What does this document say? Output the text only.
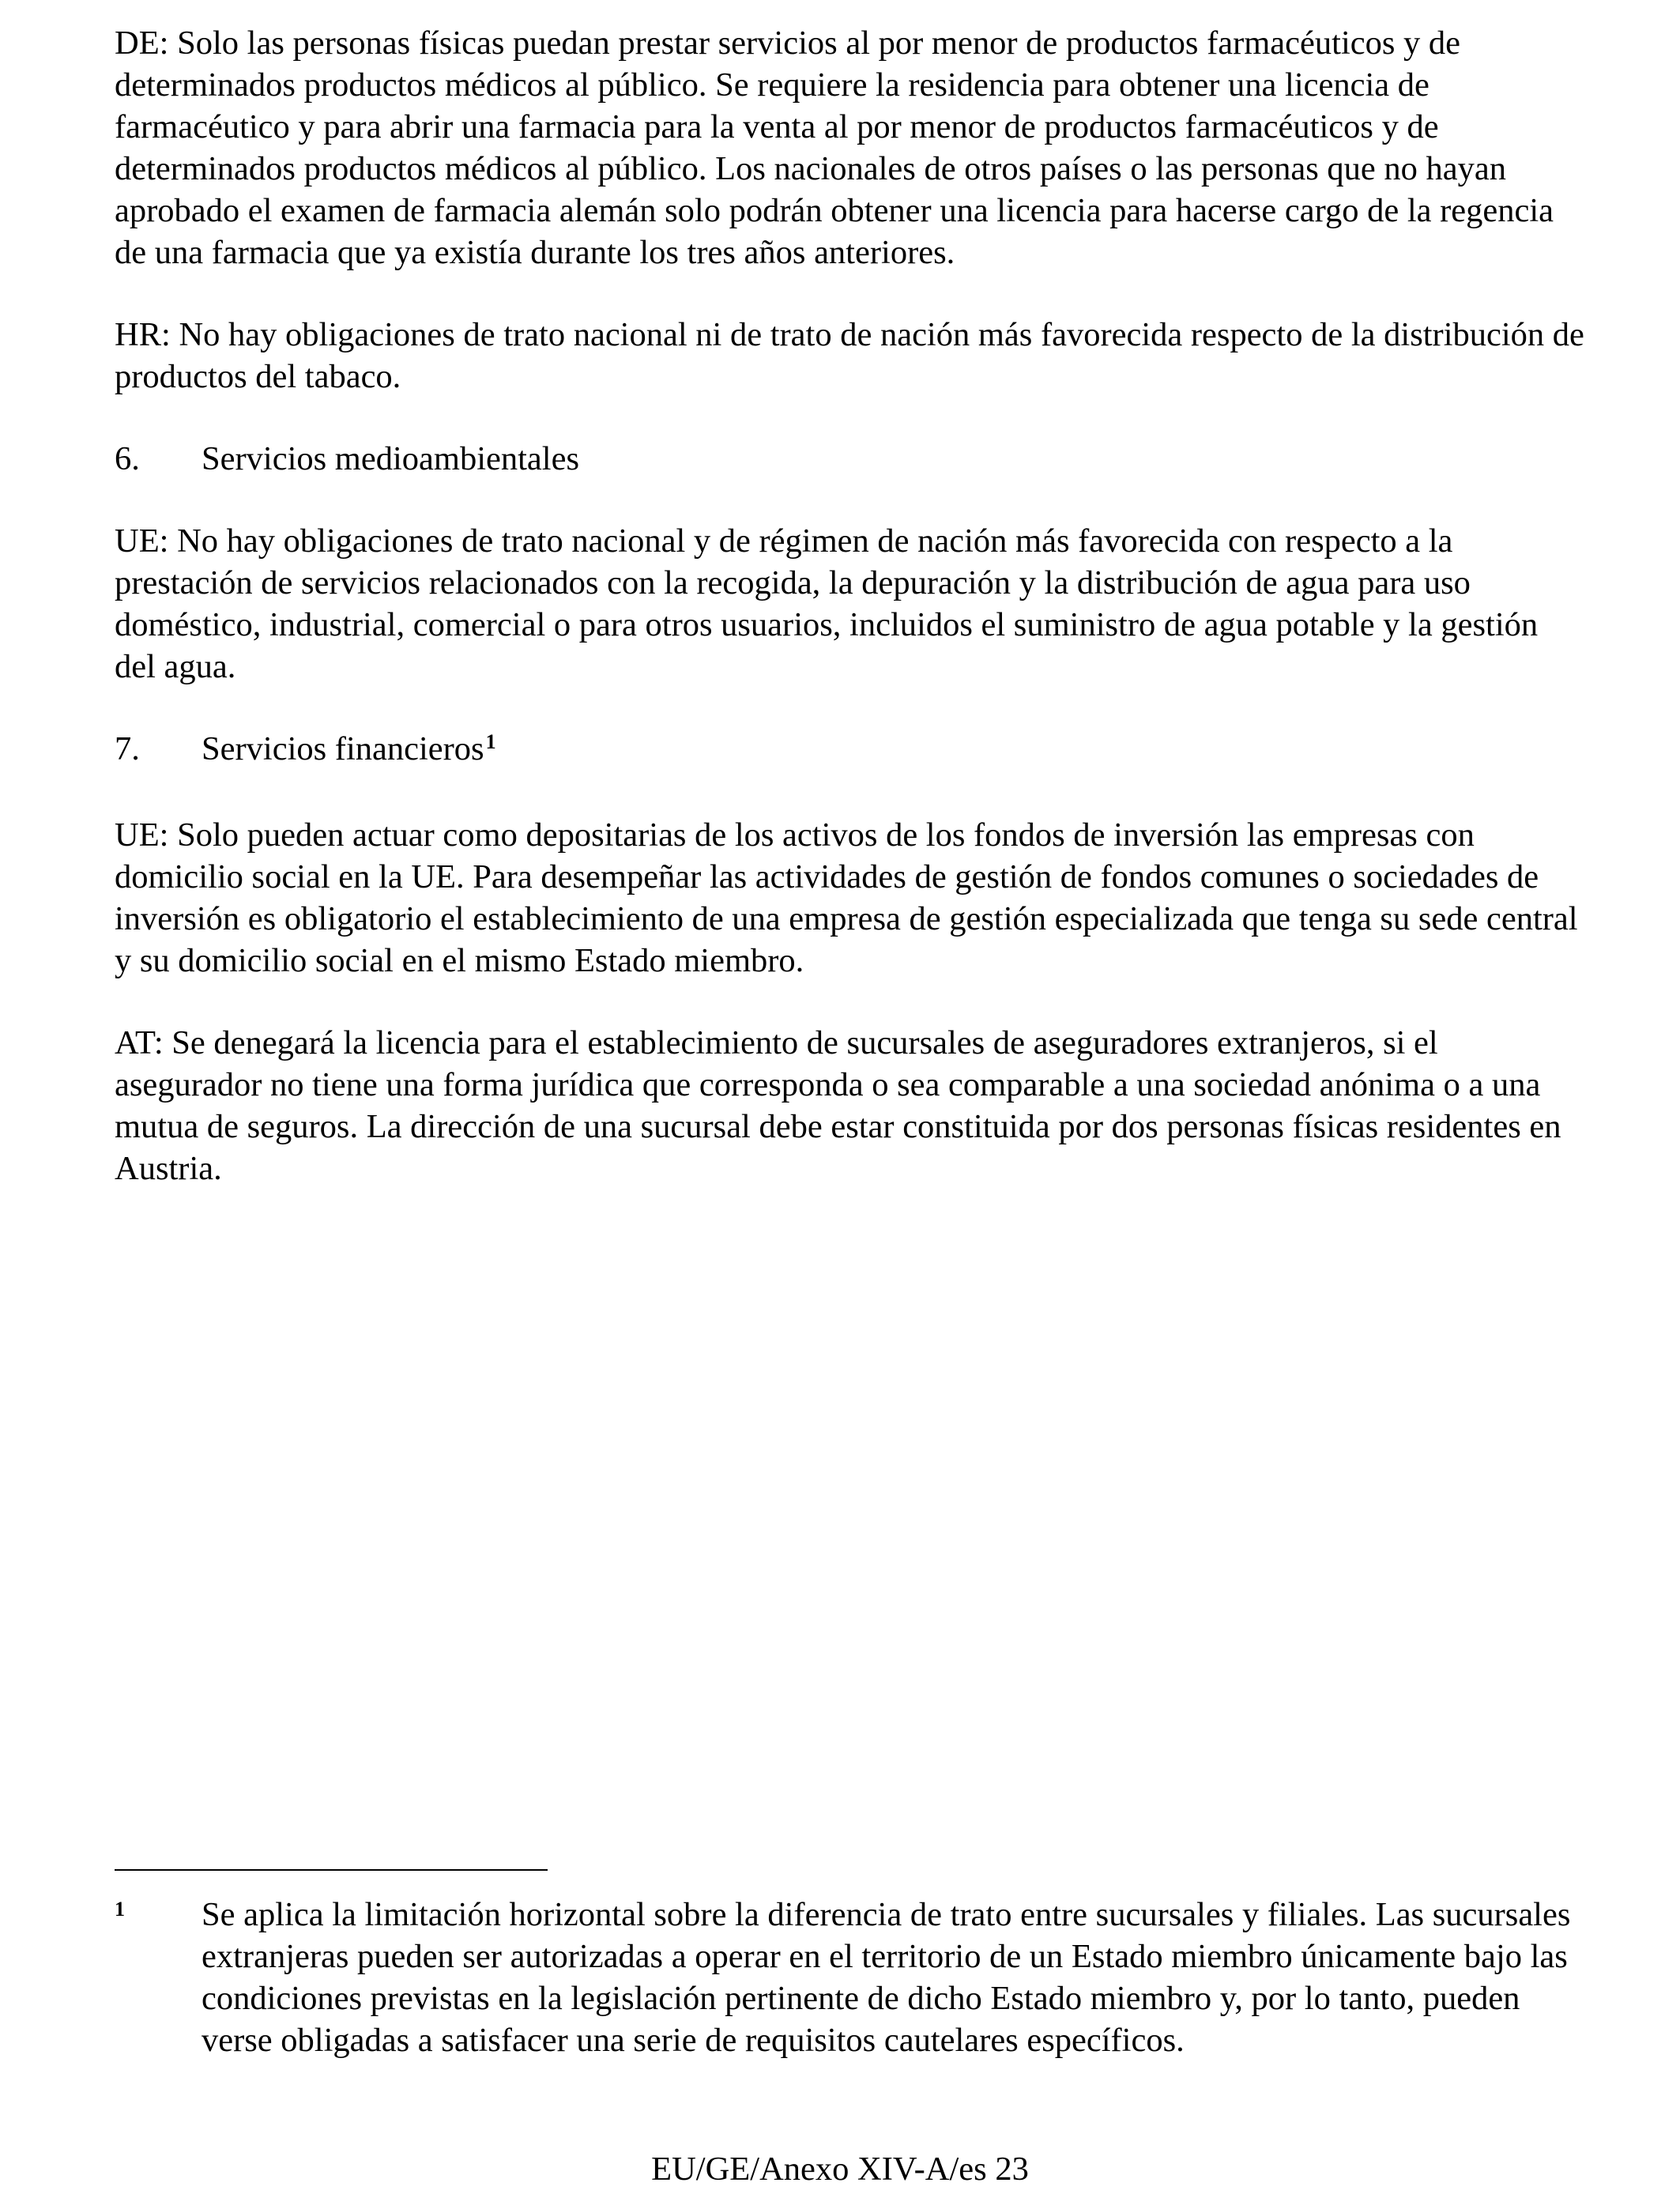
DE: Solo las personas físicas puedan prestar servicios al por menor de productos farmacéuticos y de determinados productos médicos al público. Se requiere la residencia para obtener una licencia de farmacéutico y para abrir una farmacia para la venta al por menor de productos farmacéuticos y de determinados productos médicos al público. Los nacionales de otros países o las personas que no hayan aprobado el examen de farmacia alemán solo podrán obtener una licencia para hacerse cargo de la regencia de una farmacia que ya existía durante los tres años anteriores.

HR: No hay obligaciones de trato nacional ni de trato de nación más favorecida respecto de la distribución de productos del tabaco.

6.	Servicios medioambientales

UE: No hay obligaciones de trato nacional y de régimen de nación más favorecida con respecto a la prestación de servicios relacionados con la recogida, la depuración y la distribución de agua para uso doméstico, industrial, comercial o para otros usuarios, incluidos el suministro de agua potable y la gestión del agua.

7.	Servicios financieros$^1$

UE: Solo pueden actuar como depositarias de los activos de los fondos de inversión las empresas con domicilio social en la UE. Para desempeñar las actividades de gestión de fondos comunes o sociedades de inversión es obligatorio el establecimiento de una empresa de gestión especializada que tenga su sede central y su domicilio social en el mismo Estado miembro.

AT: Se denegará la licencia para el establecimiento de sucursales de aseguradores extranjeros, si el asegurador no tiene una forma jurídica que corresponda o sea comparable a una sociedad anónima o a una mutua de seguros. La dirección de una sucursal debe estar constituida por dos personas físicas residentes en Austria.

1	Se aplica la limitación horizontal sobre la diferencia de trato entre sucursales y filiales. Las sucursales extranjeras pueden ser autorizadas a operar en el territorio de un Estado miembro únicamente bajo las condiciones previstas en la legislación pertinente de dicho Estado miembro y, por lo tanto, pueden verse obligadas a satisfacer una serie de requisitos cautelares específicos.

EU/GE/Anexo XIV-A/es 23
